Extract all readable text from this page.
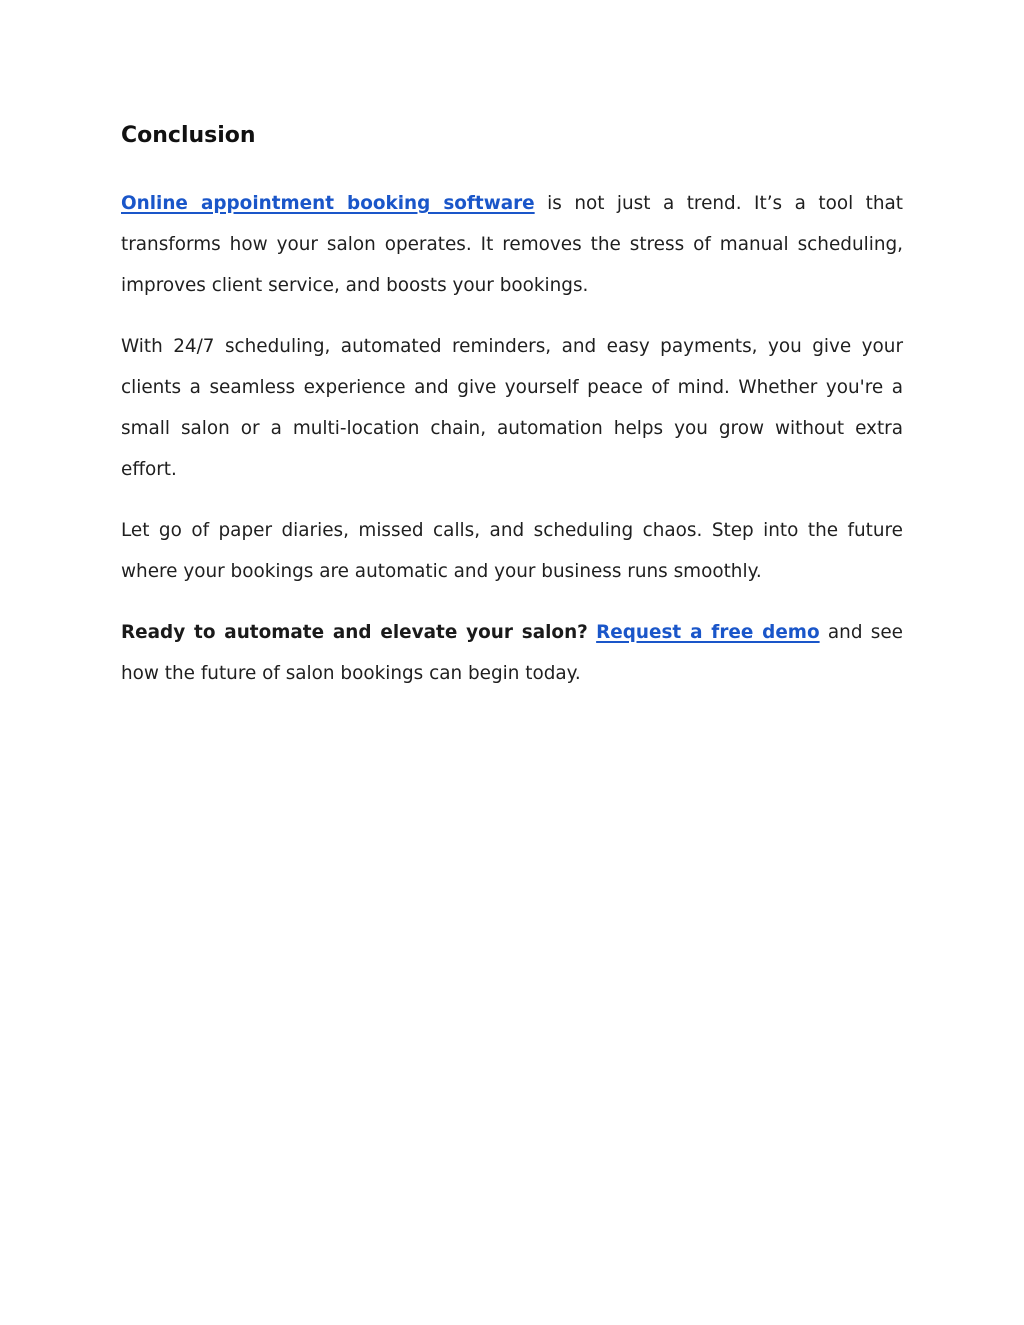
Conclusion

Online appointment booking software is not just a trend. It’s a tool that transforms how your salon operates. It removes the stress of manual scheduling, improves client service, and boosts your bookings.

With 24/7 scheduling, automated reminders, and easy payments, you give your clients a seamless experience and give yourself peace of mind. Whether you're a small salon or a multi-location chain, automation helps you grow without extra effort.

Let go of paper diaries, missed calls, and scheduling chaos. Step into the future where your bookings are automatic and your business runs smoothly.

Ready to automate and elevate your salon? Request a free demo and see how the future of salon bookings can begin today.
